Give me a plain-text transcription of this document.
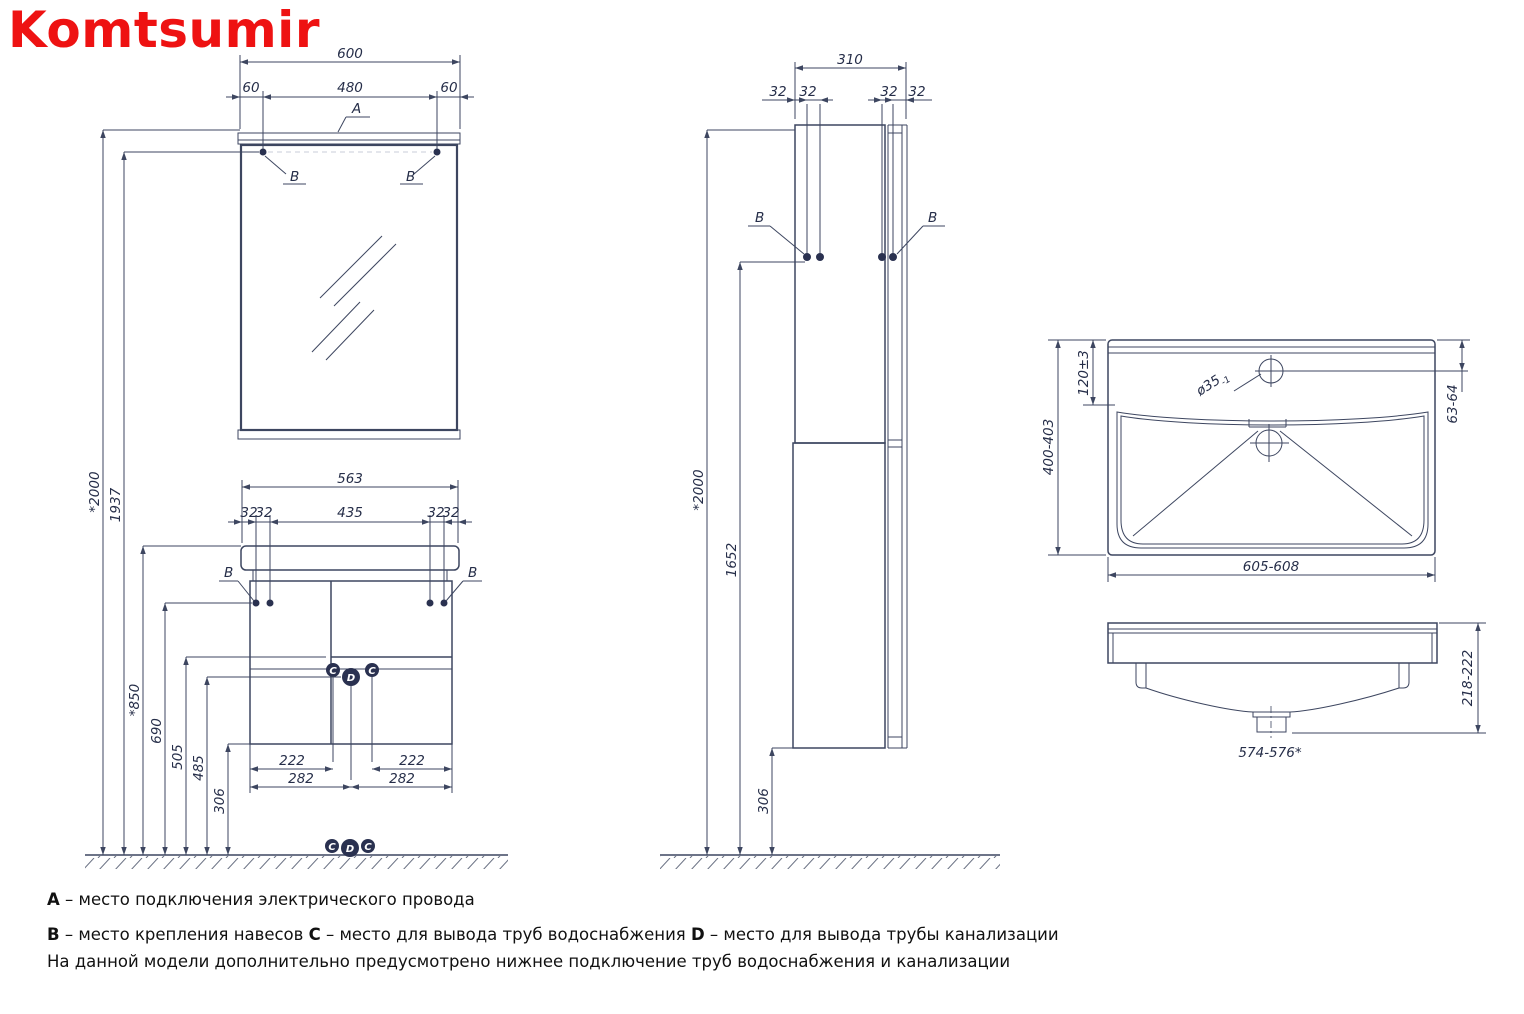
Komtsumir
B	B
A
600
60	480	60
*2000 1937
563
32
32	435	32
32
B	B
C	C
D
222	222
282	282
*850
690
505 485
306
C	C
D
B	B
310
32 32	32 32
*2000
1652
306
$ø35_{-1}$
400-403
120±3
63-64
605-608
218-222
574-576*
A – место подключения электрического провода
B – место крепления навесов C – место для вывода труб водоснабжения D – место для вывода трубы канализации
На данной модели дополнительно предусмотрено нижнее подключение труб водоснабжения и канализации
